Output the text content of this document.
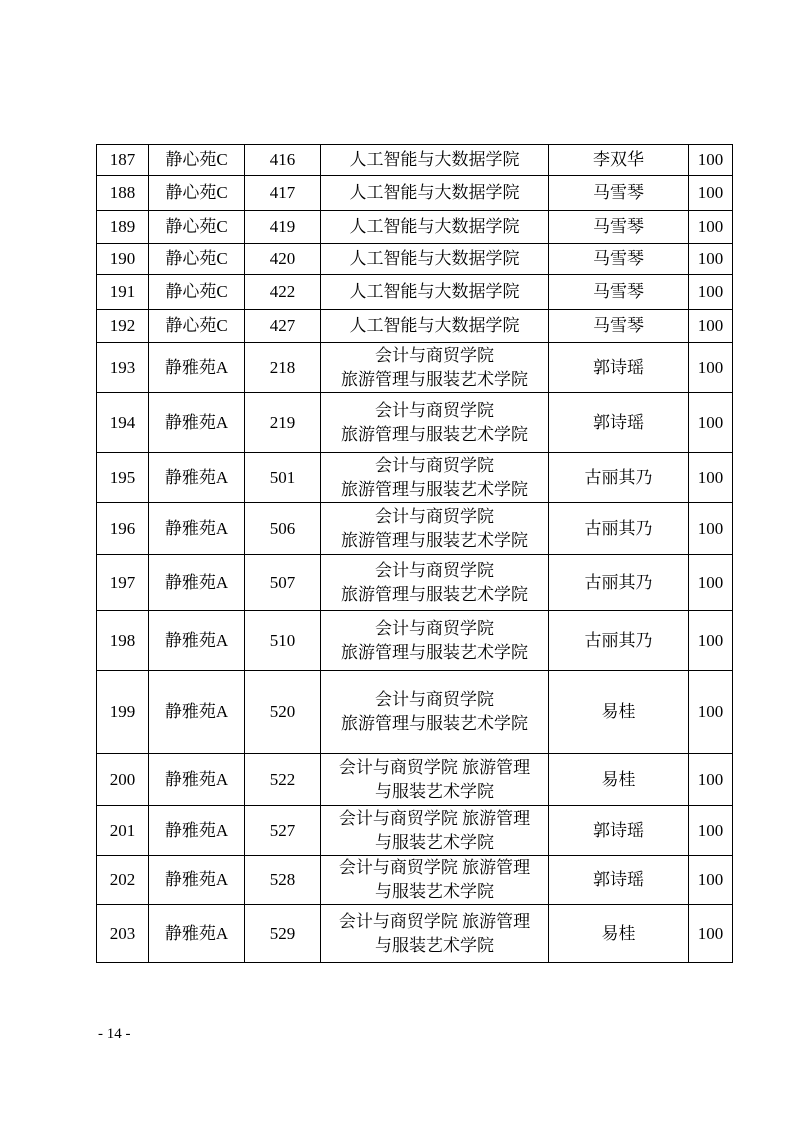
187	静心苑C	416	人工智能与大数据学院	李双华	100
188	静心苑C	417	人工智能与大数据学院	马雪琴	100
189	静心苑C	419	人工智能与大数据学院	马雪琴	100
190	静心苑C	420	人工智能与大数据学院	马雪琴	100
191	静心苑C	422	人工智能与大数据学院	马雪琴	100
192	静心苑C	427	人工智能与大数据学院	马雪琴	100
193	静雅苑A	218	会计与商贸学院
旅游管理与服装艺术学院	郭诗瑶	100
194	静雅苑A	219	会计与商贸学院
旅游管理与服装艺术学院	郭诗瑶	100
195	静雅苑A	501	会计与商贸学院
旅游管理与服装艺术学院	古丽其乃	100
196	静雅苑A	506	会计与商贸学院
旅游管理与服装艺术学院	古丽其乃	100
197	静雅苑A	507	会计与商贸学院
旅游管理与服装艺术学院	古丽其乃	100
198	静雅苑A	510	会计与商贸学院
旅游管理与服装艺术学院	古丽其乃	100
199	静雅苑A	520	会计与商贸学院
旅游管理与服装艺术学院	易桂	100
200	静雅苑A	522	会计与商贸学院 旅游管理
与服装艺术学院	易桂	100
201	静雅苑A	527	会计与商贸学院 旅游管理
与服装艺术学院	郭诗瑶	100
202	静雅苑A	528	会计与商贸学院 旅游管理
与服装艺术学院	郭诗瑶	100
203	静雅苑A	529	会计与商贸学院 旅游管理
与服装艺术学院	易桂	100
- 14 -
